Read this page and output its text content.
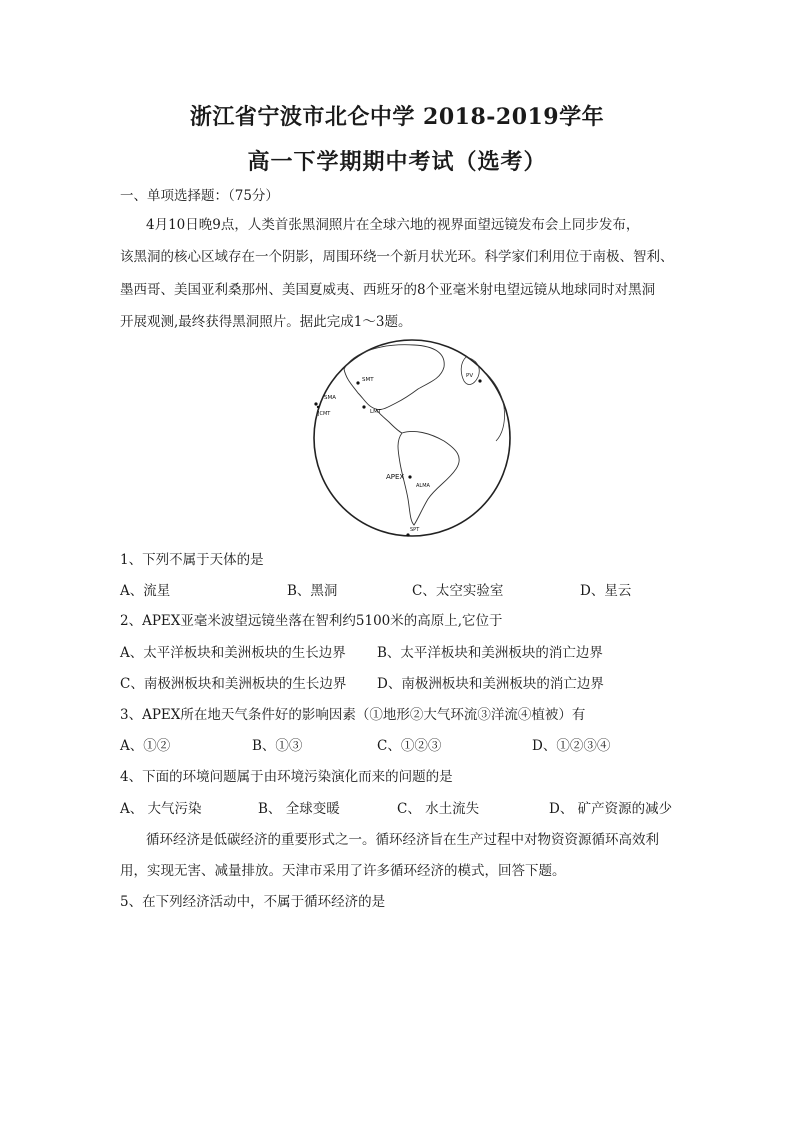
浙江省宁波市北仑中学 2018-2019学年
高一下学期期中考试（选考）
一、单项选择题：（75分）
4月10日晚9点，人类首张黑洞照片在全球六地的视界面望远镜发布会上同步发布，
该黑洞的核心区域存在一个阴影，周围环绕一个新月状光环。科学家们利用位于南极、智利、
墨西哥、美国亚利桑那州、美国夏威夷、西班牙的8个亚毫米射电望远镜从地球同时对黑洞
开展观测,最终获得黑洞照片。据此完成1～3题。
SMT
SMA
JCMT	LMT
PV
APEX
ALMA
SPT
1、下列不属于天体的是
A、流星	B、黑洞	C、太空实验室	D、星云
2、APEX亚毫米波望远镜坐落在智利约5100米的高原上,它位于
A、太平洋板块和美洲板块的生长边界 B、太平洋板块和美洲板块的消亡边界
C、南极洲板块和美洲板块的生长边界 D、南极洲板块和美洲板块的消亡边界
3、APEX所在地天气条件好的影响因素（①地形②大气环流③洋流④植被）有
A、①②	B、①③	C、①②③	D、①②③④
4、下面的环境问题属于由环境污染演化而来的问题的是
A、 大气污染	B、 全球变暖	C、 水土流失	D、 矿产资源的减少
循环经济是低碳经济的重要形式之一。循环经济旨在生产过程中对物资资源循环高效利
用，实现无害、减量排放。天津市采用了许多循环经济的模式，回答下题。
5、在下列经济活动中，不属于循环经济的是
